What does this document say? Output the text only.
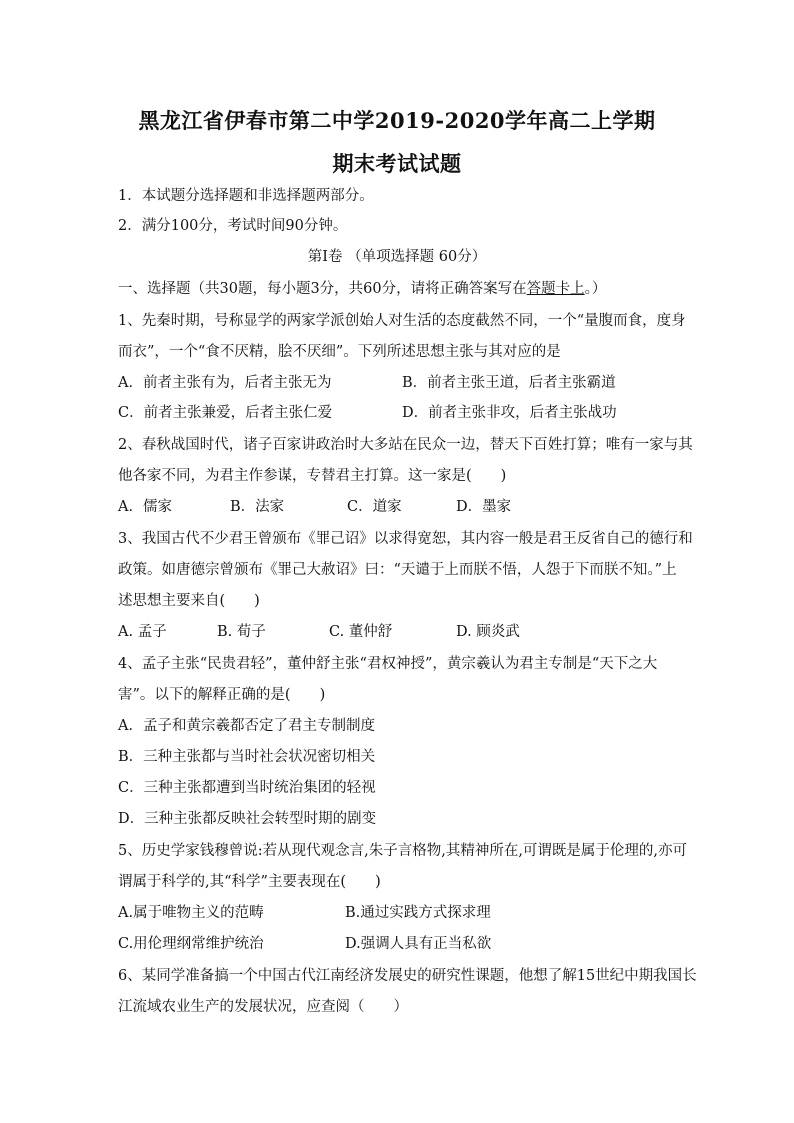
黑龙江省伊春市第二中学2019-2020学年高二上学期
期末考试试题
1．本试题分选择题和非选择题两部分。
2．满分100分，考试时间90分钟。
第Ⅰ卷 （单项选择题 60分）
一、选择题（共30题，每小题3分，共60分，请将正确答案写在答题卡上。）
1、先秦时期，号称显学的两家学派创始人对生活的态度截然不同，一个“量腹而食，度身
而衣”，一个“食不厌精，脍不厌细”。下列所述思想主张与其对应的是
A．前者主张有为，后者主张无为	B．前者主张王道，后者主张霸道
C．前者主张兼爱，后者主张仁爱	D．前者主张非攻，后者主张战功
2、春秋战国时代，诸子百家讲政治时大多站在民众一边，替天下百姓打算；唯有一家与其
他各家不同，为君主作参谋，专替君主打算。这一家是(　　)
A．儒家	B．法家	C．道家	D．墨家
3、我国古代不少君王曾颁布《罪己诏》以求得宽恕，其内容一般是君王反省自己的德行和
政策。如唐德宗曾颁布《罪己大赦诏》曰：“天谴于上而朕不悟，人怨于下而朕不知。”上
述思想主要来自(　　)
A. 孟子	B. 荀子	C. 董仲舒	D. 顾炎武
4、孟子主张“民贵君轻”，董仲舒主张“君权神授”，黄宗羲认为君主专制是“天下之大
害”。以下的解释正确的是(　　)
A．孟子和黄宗羲都否定了君主专制制度
B．三种主张都与当时社会状况密切相关
C．三种主张都遭到当时统治集团的轻视
D．三种主张都反映社会转型时期的剧变
5、历史学家钱穆曾说:若从现代观念言,朱子言格物,其精神所在,可谓既是属于伦理的,亦可
谓属于科学的,其“科学”主要表现在(　　)
A.属于唯物主义的范畴	B.通过实践方式探求理
C.用伦理纲常维护统治	D.强调人具有正当私欲
6、某同学准备搞一个中国古代江南经济发展史的研究性课题，他想了解15世纪中期我国长
江流域农业生产的发展状况，应查阅（　　）
